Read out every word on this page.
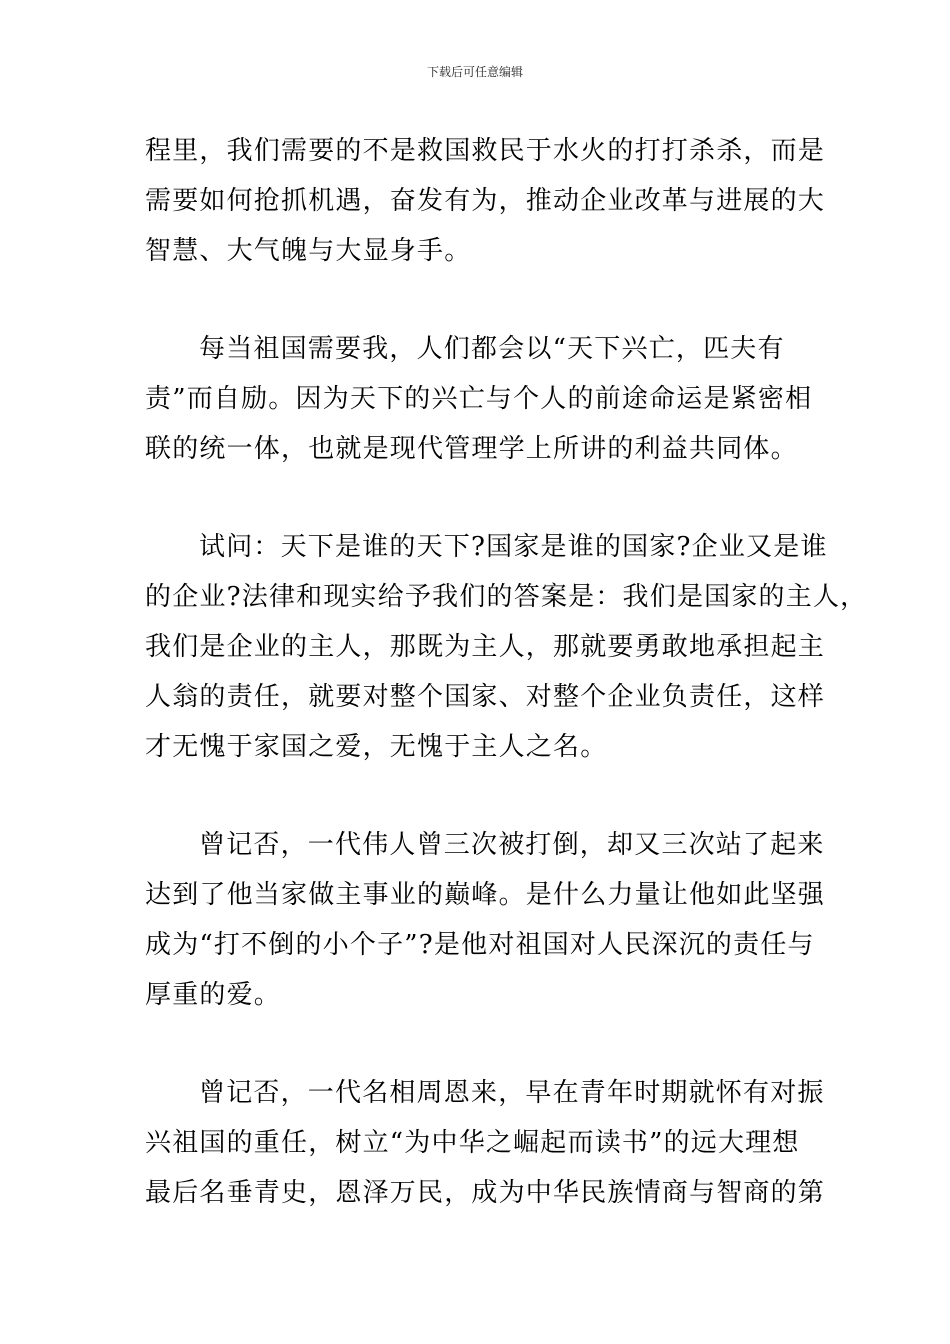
下载后可任意编辑
程里，我们需要的不是救国救民于水火的打打杀杀，而是
需要如何抢抓机遇，奋发有为，推动企业改革与进展的大
智慧、大气魄与大显身手。
每当祖国需要我，人们都会以“天下兴亡，匹夫有
责”而自励。因为天下的兴亡与个人的前途命运是紧密相
联的统一体，也就是现代管理学上所讲的利益共同体。
试问：天下是谁的天下?国家是谁的国家?企业又是谁
的企业?法律和现实给予我们的答案是：我们是国家的主人，
我们是企业的主人，那既为主人，那就要勇敢地承担起主
人翁的责任，就要对整个国家、对整个企业负责任，这样
才无愧于家国之爱，无愧于主人之名。
曾记否，一代伟人曾三次被打倒，却又三次站了起来
达到了他当家做主事业的巅峰。是什么力量让他如此坚强
成为“打不倒的小个子”?是他对祖国对人民深沉的责任与
厚重的爱。
曾记否，一代名相周恩来，早在青年时期就怀有对振
兴祖国的重任，树立“为中华之崛起而读书”的远大理想
最后名垂青史，恩泽万民，成为中华民族情商与智商的第
